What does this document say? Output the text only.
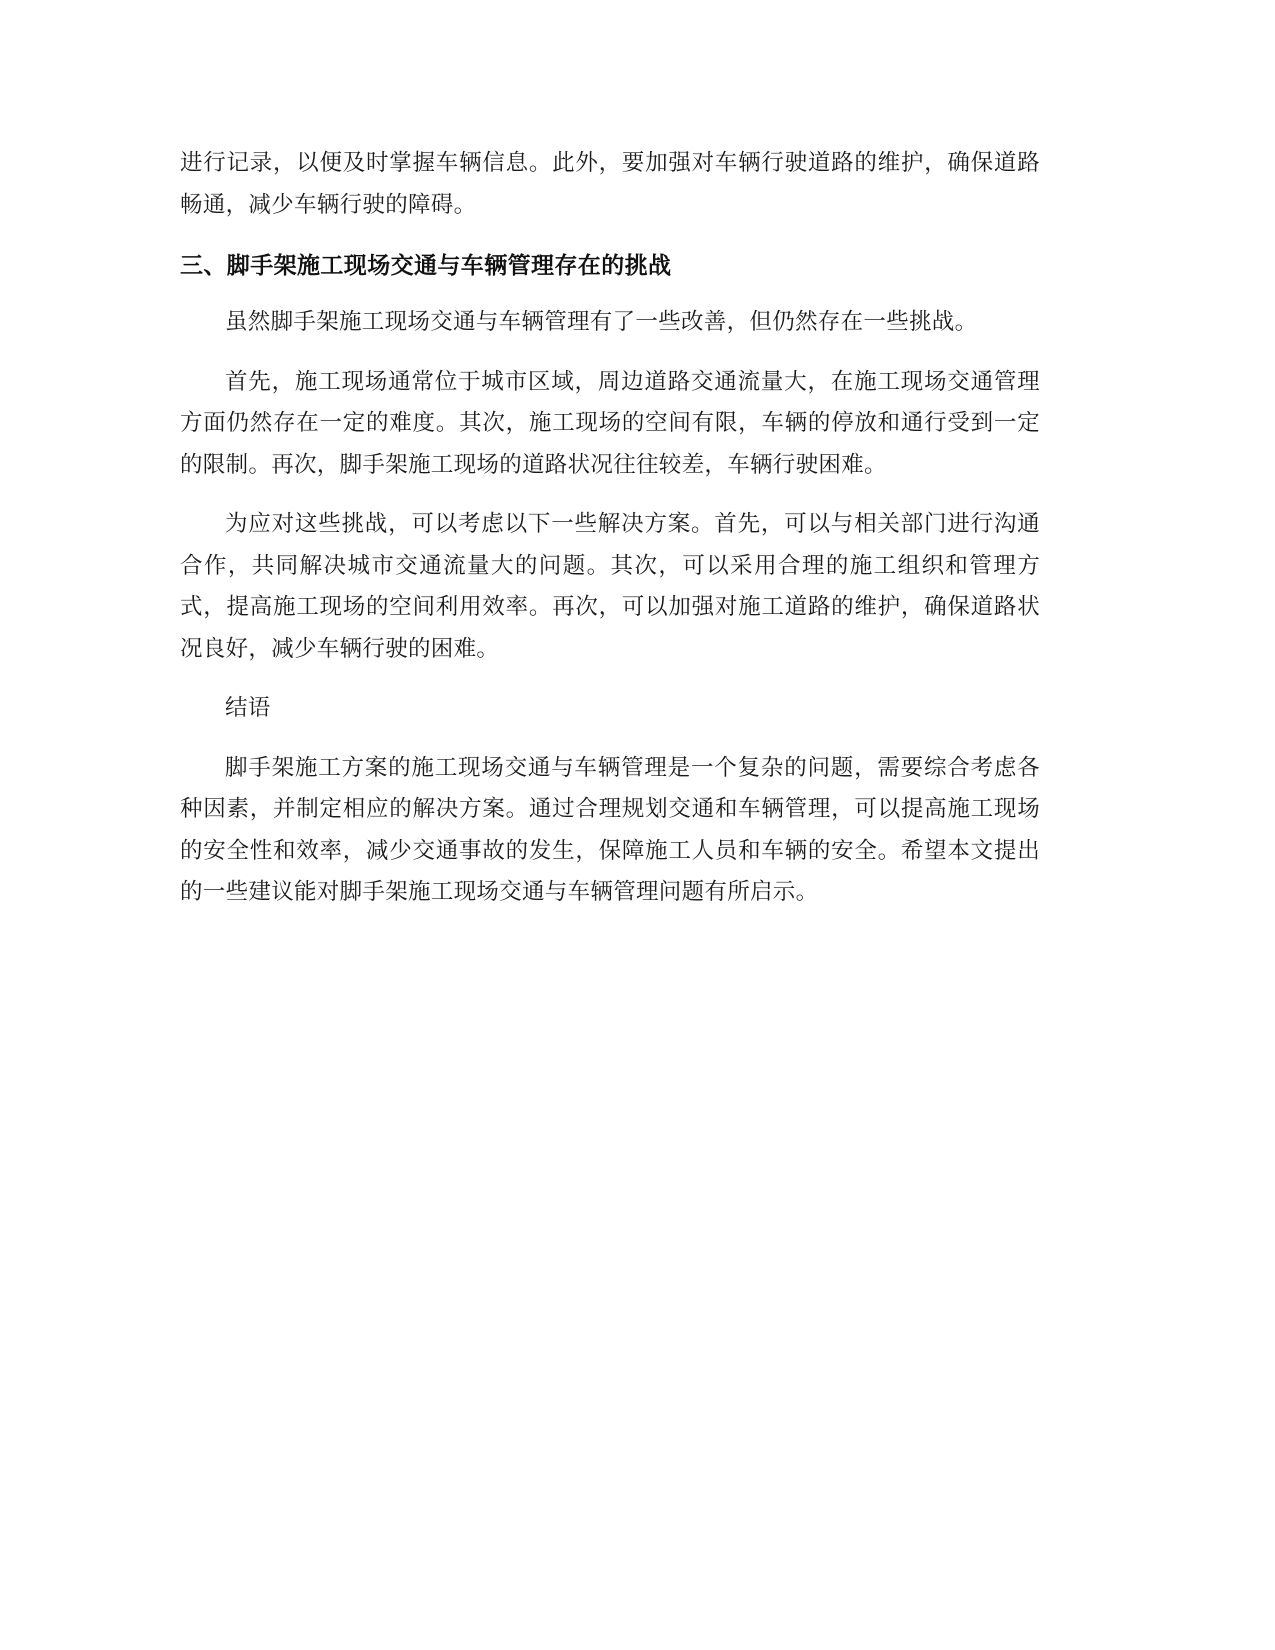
进行记录，以便及时掌握车辆信息。此外，要加强对车辆行驶道路的维护，确保道路畅通，减少车辆行驶的障碍。

三、脚手架施工现场交通与车辆管理存在的挑战

虽然脚手架施工现场交通与车辆管理有了一些改善，但仍然存在一些挑战。

首先，施工现场通常位于城市区域，周边道路交通流量大，在施工现场交通管理方面仍然存在一定的难度。其次，施工现场的空间有限，车辆的停放和通行受到一定的限制。再次，脚手架施工现场的道路状况往往较差，车辆行驶困难。

为应对这些挑战，可以考虑以下一些解决方案。首先，可以与相关部门进行沟通合作，共同解决城市交通流量大的问题。其次，可以采用合理的施工组织和管理方式，提高施工现场的空间利用效率。再次，可以加强对施工道路的维护，确保道路状况良好，减少车辆行驶的困难。

结语

脚手架施工方案的施工现场交通与车辆管理是一个复杂的问题，需要综合考虑各种因素，并制定相应的解决方案。通过合理规划交通和车辆管理，可以提高施工现场的安全性和效率，减少交通事故的发生，保障施工人员和车辆的安全。希望本文提出的一些建议能对脚手架施工现场交通与车辆管理问题有所启示。
